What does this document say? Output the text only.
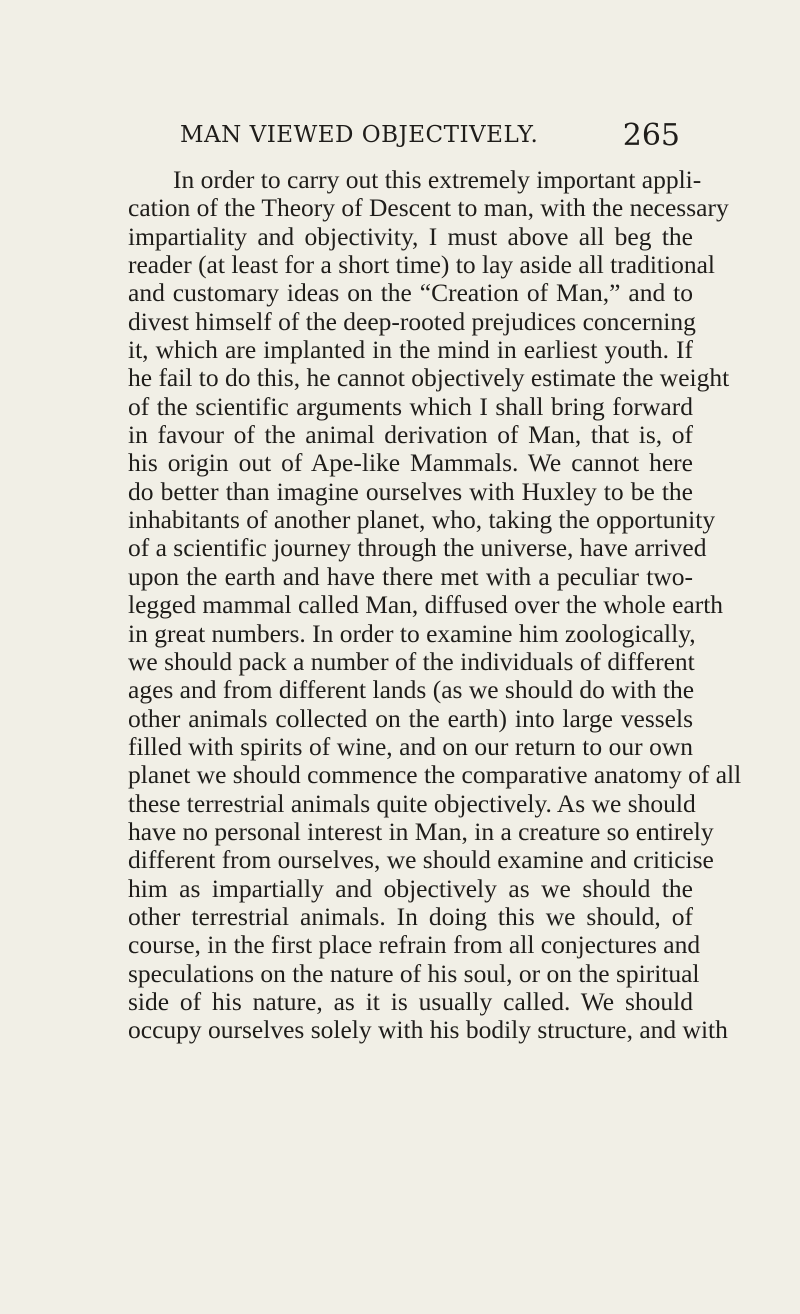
MAN VIEWED OBJECTIVELY.	265
In order to carry out this extremely important appli-
cation of the Theory of Descent to man, with the necessary
impartiality and objectivity, I must above all beg the
reader (at least for a short time) to lay aside all traditional
and customary ideas on the “Creation of Man,” and to
divest himself of the deep-rooted prejudices concerning
it, which are implanted in the mind in earliest youth. If
he fail to do this, he cannot objectively estimate the weight
of the scientific arguments which I shall bring forward
in favour of the animal derivation of Man, that is, of
his origin out of Ape-like Mammals. We cannot here
do better than imagine ourselves with Huxley to be the
inhabitants of another planet, who, taking the opportunity
of a scientific journey through the universe, have arrived
upon the earth and have there met with a peculiar two-
legged mammal called Man, diffused over the whole earth
in great numbers. In order to examine him zoologically,
we should pack a number of the individuals of different
ages and from different lands (as we should do with the
other animals collected on the earth) into large vessels
filled with spirits of wine, and on our return to our own
planet we should commence the comparative anatomy of all
these terrestrial animals quite objectively. As we should
have no personal interest in Man, in a creature so entirely
different from ourselves, we should examine and criticise
him as impartially and objectively as we should the
other terrestrial animals. In doing this we should, of
course, in the first place refrain from all conjectures and
speculations on the nature of his soul, or on the spiritual
side of his nature, as it is usually called. We should
occupy ourselves solely with his bodily structure, and with
